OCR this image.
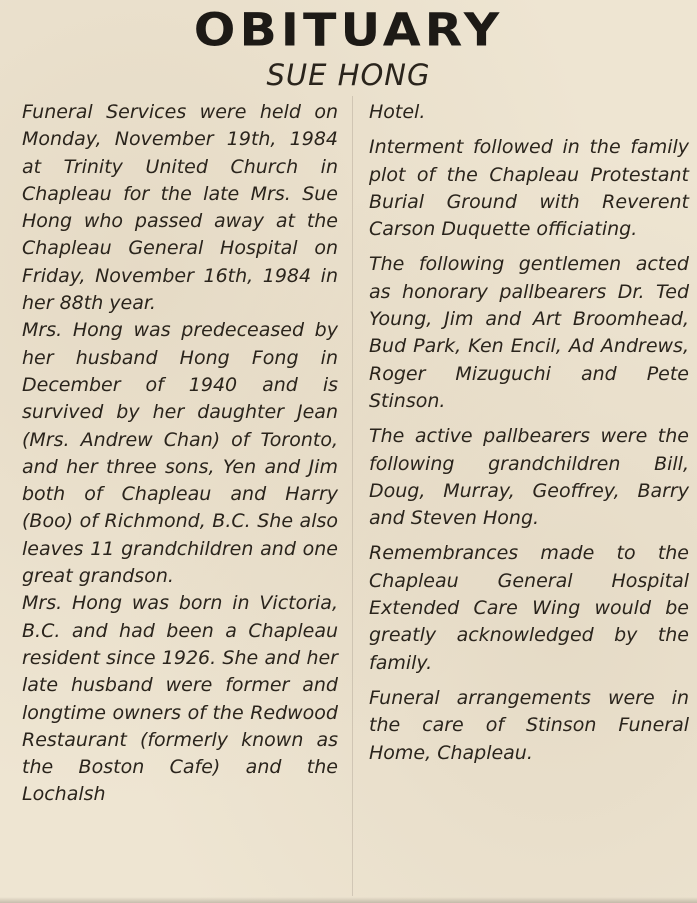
OBITUARY
SUE HONG

Funeral Services were held on Monday, November 19th, 1984 at Trinity United Church in Chapleau for the late Mrs. Sue Hong who passed away at the Chapleau General Hospital on Friday, November 16th, 1984 in her 88th year.

Mrs. Hong was predeceased by her husband Hong Fong in December of 1940 and is survived by her daughter Jean (Mrs. Andrew Chan) of Toronto, and her three sons, Yen and Jim both of Chapleau and Harry (Boo) of Richmond, B.C. She also leaves 11 grandchildren and one great grandson.

Mrs. Hong was born in Victoria, B.C. and had been a Chapleau resident since 1926. She and her late husband were former and longtime owners of the Redwood Restaurant (formerly known as the Boston Cafe) and the Lochalsh

Hotel.

Interment followed in the family plot of the Chapleau Protestant Burial Ground with Reverent Carson Duquette officiating.

The following gentlemen acted as honorary pallbearers Dr. Ted Young, Jim and Art Broomhead, Bud Park, Ken Encil, Ad Andrews, Roger Mizuguchi and Pete Stinson.

The active pallbearers were the following grandchildren Bill, Doug, Murray, Geoffrey, Barry and Steven Hong.

Remembrances made to the Chapleau General Hospital Extended Care Wing would be greatly acknowledged by the family.

Funeral arrangements were in the care of Stinson Funeral Home, Chapleau.
